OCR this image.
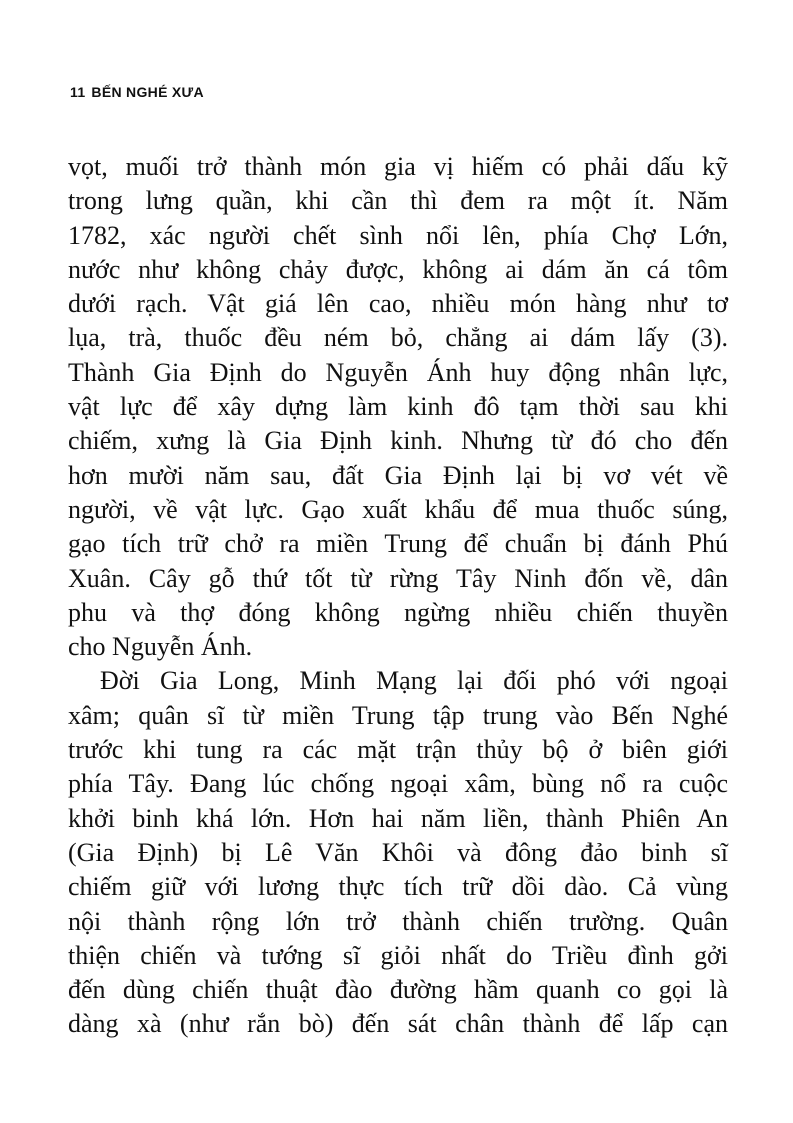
11 BẾN NGHÉ XƯA
vọt, muối trở thành món gia vị hiếm có phải dấu kỹ
trong lưng quần, khi cần thì đem ra một ít. Năm
1782, xác người chết sình nổi lên, phía Chợ Lớn,
nước như không chảy được, không ai dám ăn cá tôm
dưới rạch. Vật giá lên cao, nhiều món hàng như tơ
lụa, trà, thuốc đều ném bỏ, chẳng ai dám lấy (3).
Thành Gia Định do Nguyễn Ánh huy động nhân lực,
vật lực để xây dựng làm kinh đô tạm thời sau khi
chiếm, xưng là Gia Định kinh. Nhưng từ đó cho đến
hơn mười năm sau, đất Gia Định lại bị vơ vét về
người, về vật lực. Gạo xuất khẩu để mua thuốc súng,
gạo tích trữ chở ra miền Trung để chuẩn bị đánh Phú
Xuân. Cây gỗ thứ tốt từ rừng Tây Ninh đốn về, dân
phu và thợ đóng không ngừng nhiều chiến thuyền
cho Nguyễn Ánh.
Đời Gia Long, Minh Mạng lại đối phó với ngoại
xâm; quân sĩ từ miền Trung tập trung vào Bến Nghé
trước khi tung ra các mặt trận thủy bộ ở biên giới
phía Tây. Đang lúc chống ngoại xâm, bùng nổ ra cuộc
khởi binh khá lớn. Hơn hai năm liền, thành Phiên An
(Gia Định) bị Lê Văn Khôi và đông đảo binh sĩ
chiếm giữ với lương thực tích trữ dồi dào. Cả vùng
nội thành rộng lớn trở thành chiến trường. Quân
thiện chiến và tướng sĩ giỏi nhất do Triều đình gởi
đến dùng chiến thuật đào đường hầm quanh co gọi là
dàng xà (như rắn bò) đến sát chân thành để lấp cạn
